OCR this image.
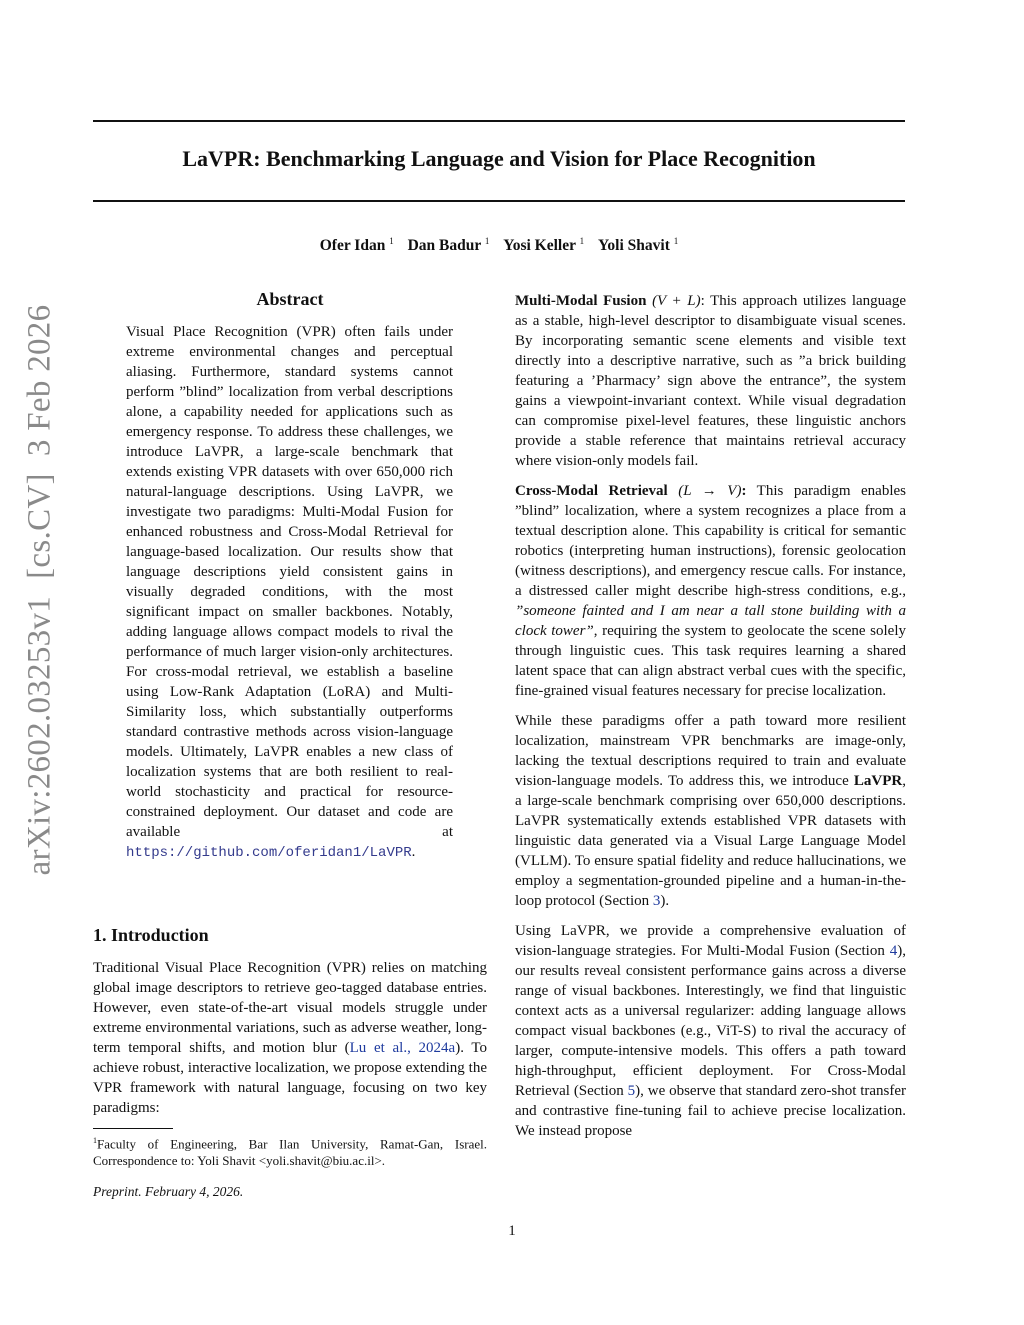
LaVPR: Benchmarking Language and Vision for Place Recognition
Ofer Idan $^1$ Dan Badur $^1$ Yosi Keller $^1$ Yoli Shavit $^1$
arXiv:2602.03253v1  [cs.CV]  3 Feb 2026
Abstract
Visual Place Recognition (VPR) often fails under extreme environmental changes and perceptual aliasing. Furthermore, standard systems cannot perform ”blind” localization from verbal descriptions alone, a capability needed for applications such as emergency response. To address these challenges, we introduce LaVPR, a large-scale benchmark that extends existing VPR datasets with over 650,000 rich natural-language descriptions. Using LaVPR, we investigate two paradigms: Multi-Modal Fusion for enhanced robustness and Cross-Modal Retrieval for language-based localization. Our results show that language descriptions yield consistent gains in visually degraded conditions, with the most significant impact on smaller backbones. Notably, adding language allows compact models to rival the performance of much larger vision-only architectures. For cross-modal retrieval, we establish a baseline using Low-Rank Adaptation (LoRA) and Multi-Similarity loss, which substantially outperforms standard contrastive methods across vision-language models. Ultimately, LaVPR enables a new class of localization systems that are both resilient to real-world stochasticity and practical for resource-constrained deployment. Our dataset and code are available at https://github.com/oferidan1/LaVPR.
1. Introduction
Traditional Visual Place Recognition (VPR) relies on matching global image descriptors to retrieve geo-tagged database entries. However, even state-of-the-art visual models struggle under extreme environmental variations, such as adverse weather, long-term temporal shifts, and motion blur (Lu et al., 2024a). To achieve robust, interactive localization, we propose extending the VPR framework with natural language, focusing on two key paradigms:
$^1$Faculty of Engineering, Bar Ilan University, Ramat-Gan, Israel. Correspondence to: Yoli Shavit <yoli.shavit@biu.ac.il>.
Preprint. February 4, 2026.
1

Multi-Modal Fusion (V + L): This approach utilizes language as a stable, high-level descriptor to disambiguate visual scenes. By incorporating semantic scene elements and visible text directly into a descriptive narrative, such as ”a brick building featuring a ’Pharmacy’ sign above the entrance”, the system gains a viewpoint-invariant context. While visual degradation can compromise pixel-level features, these linguistic anchors provide a stable reference that maintains retrieval accuracy where vision-only models fail.

Cross-Modal Retrieval (L → V): This paradigm enables ”blind” localization, where a system recognizes a place from a textual description alone. This capability is critical for semantic robotics (interpreting human instructions), forensic geolocation (witness descriptions), and emergency rescue calls. For instance, a distressed caller might describe high-stress conditions, e.g., ”someone fainted and I am near a tall stone building with a clock tower”, requiring the system to geolocate the scene solely through linguistic cues. This task requires learning a shared latent space that can align abstract verbal cues with the specific, fine-grained visual features necessary for precise localization.

While these paradigms offer a path toward more resilient localization, mainstream VPR benchmarks are image-only, lacking the textual descriptions required to train and evaluate vision-language models. To address this, we introduce LaVPR, a large-scale benchmark comprising over 650,000 descriptions. LaVPR systematically extends established VPR datasets with linguistic data generated via a Visual Large Language Model (VLLM). To ensure spatial fidelity and reduce hallucinations, we employ a segmentation-grounded pipeline and a human-in-the-loop protocol (Section 3).

Using LaVPR, we provide a comprehensive evaluation of vision-language strategies. For Multi-Modal Fusion (Section 4), our results reveal consistent performance gains across a diverse range of visual backbones. Interestingly, we find that linguistic context acts as a universal regularizer: adding language allows compact visual backbones (e.g., ViT-S) to rival the accuracy of larger, compute-intensive models. This offers a path toward high-throughput, efficient deployment. For Cross-Modal Retrieval (Section 5), we observe that standard zero-shot transfer and contrastive fine-tuning fail to achieve precise localization. We instead propose
